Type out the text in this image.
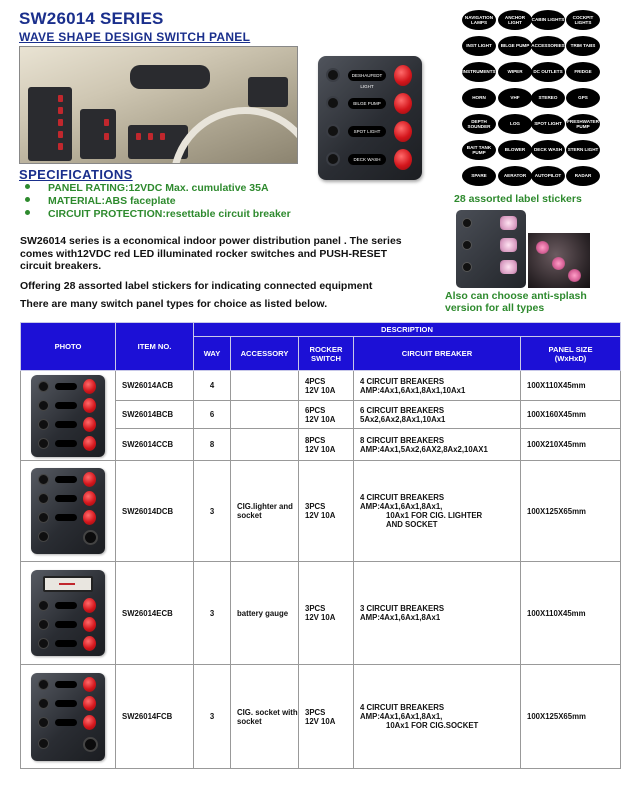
SW26014 SERIES
WAVE SHAPE DESIGN SWITCH PANEL
DESHAUFEDT LIGHT
BILGE PUMP
SPOT LIGHT
DECK WASH
NAVIGATION LAMPS
ANCHOR LIGHT
CABIN LIGHTS
COCKPIT LIGHTS
INST LIGHT	BILGE PUMP ACCESSORIES	TRIM TABS
INSTRUMENTS	WIPER	DC OUTLETS	FRIDGE
HORN	VHF	STEREO	GPS
DEPTH SOUNDER
LOG	SPOT LIGHT
FRESHWATER PUMP
BAIT TANK PUMP
BLOWER	DECK WASH	STERN LIGHT
SPARE	AERATOR	AUTOPILOT	RADAR
28 assorted label stickers
Also can choose anti-splash version for all types
SPECIFICATIONS
PANEL RATING:12VDC Max. cumulative 35A
MATERIAL:ABS faceplate
CIRCUIT PROTECTION:resettable circuit breaker
SW26014 series is a economical indoor power distribution panel . The series comes with12VDC red LED illuminated rocker switches and PUSH-RESET circuit breakers.
Offering 28 assorted label stickers for indicating connected equipment
There are many switch panel types for choice as listed below.
PHOTO	ITEM NO.	DESCRIPTION				
		WAY	ACCESSORY	ROCKER SWITCH	CIRCUIT BREAKER	PANEL SIZE (WxHxD)

	SW26014ACB	4		4PCS
12V 10A	4 CIRCUIT BREAKERS
AMP:4Ax1,6Ax1,8Ax1,10Ax1	100X110X45mm
	SW26014BCB	6		6PCS
12V 10A	6 CIRCUIT BREAKERS
5Ax2,6Ax2,8Ax1,10Ax1	100X160X45mm
	SW26014CCB	8		8PCS
12V 10A	8 CIRCUIT BREAKERS
AMP:4Ax1,5Ax2,6AX2,8Ax2,10AX1	100X210X45mm

	SW26014DCB	3	CIG.lighter and socket	3PCS
12V 10A	4 CIRCUIT BREAKERS
AMP:4Ax1,6Ax1,8Ax1,
10Ax1 FOR CIG. LIGHTER
AND SOCKET	100X125X65mm

	SW26014ECB	3	battery gauge	3PCS
12V 10A	3 CIRCUIT BREAKERS
AMP:4Ax1,6Ax1,8Ax1	100X110X45mm

	SW26014FCB	3	CIG. socket with socket	3PCS
12V 10A	4 CIRCUIT BREAKERS
AMP:4Ax1,6Ax1,8Ax1,
10Ax1 FOR CIG.SOCKET	100X125X65mm
